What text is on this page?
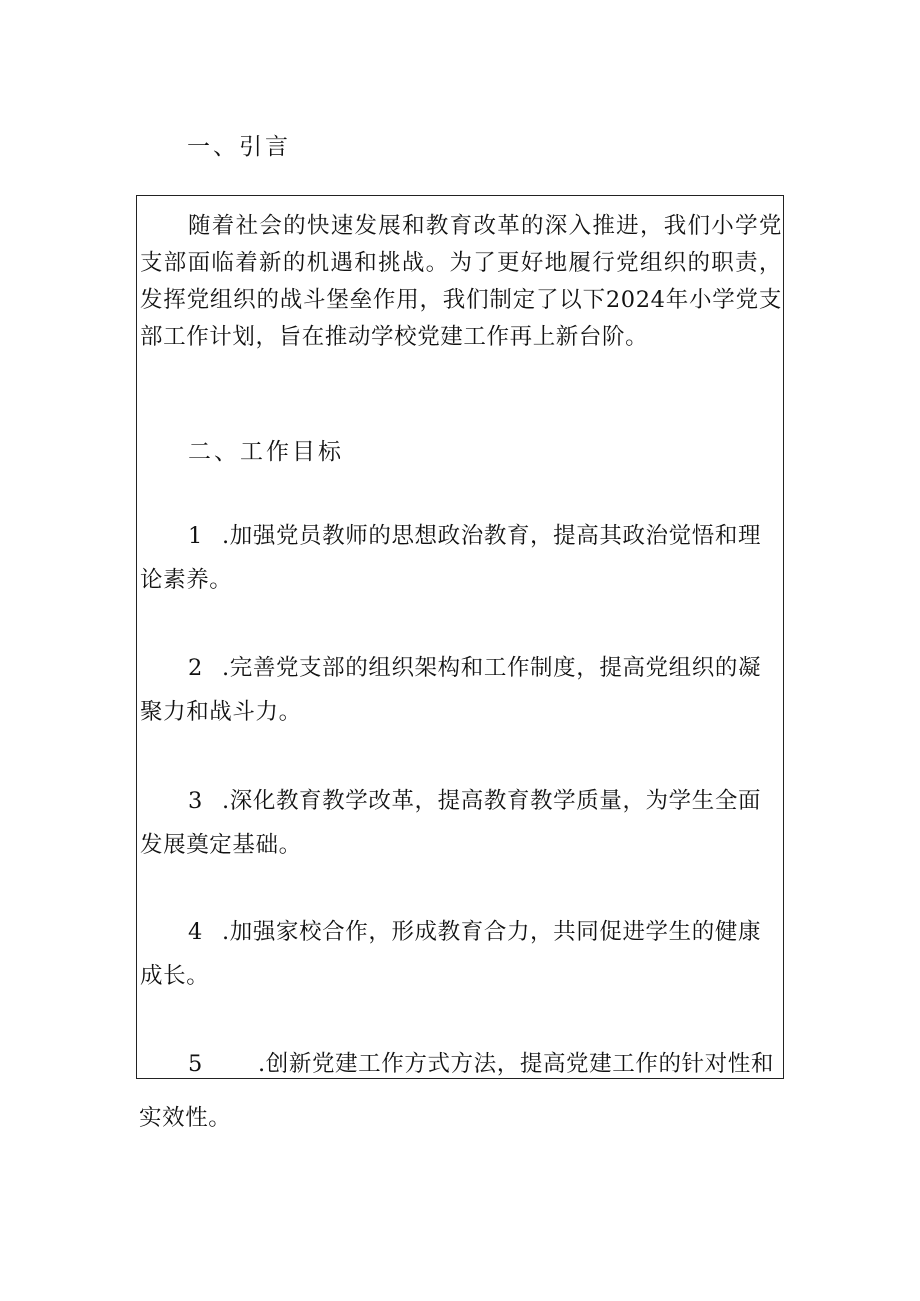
一、引言

随着社会的快速发展和教育改革的深入推进，我们小学党支部面临着新的机遇和挑战。为了更好地履行党组织的职责，发挥党组织的战斗堡垒作用，我们制定了以下2024年小学党支部工作计划，旨在推动学校党建工作再上新台阶。

二、工作目标

1 .加强党员教师的思想政治教育，提高其政治觉悟和理论素养。

2 .完善党支部的组织架构和工作制度，提高党组织的凝聚力和战斗力。

3 .深化教育教学改革，提高教育教学质量，为学生全面发展奠定基础。

4 .加强家校合作，形成教育合力，共同促进学生的健康成长。

5 .创新党建工作方式方法，提高党建工作的针对性和

实效性。
